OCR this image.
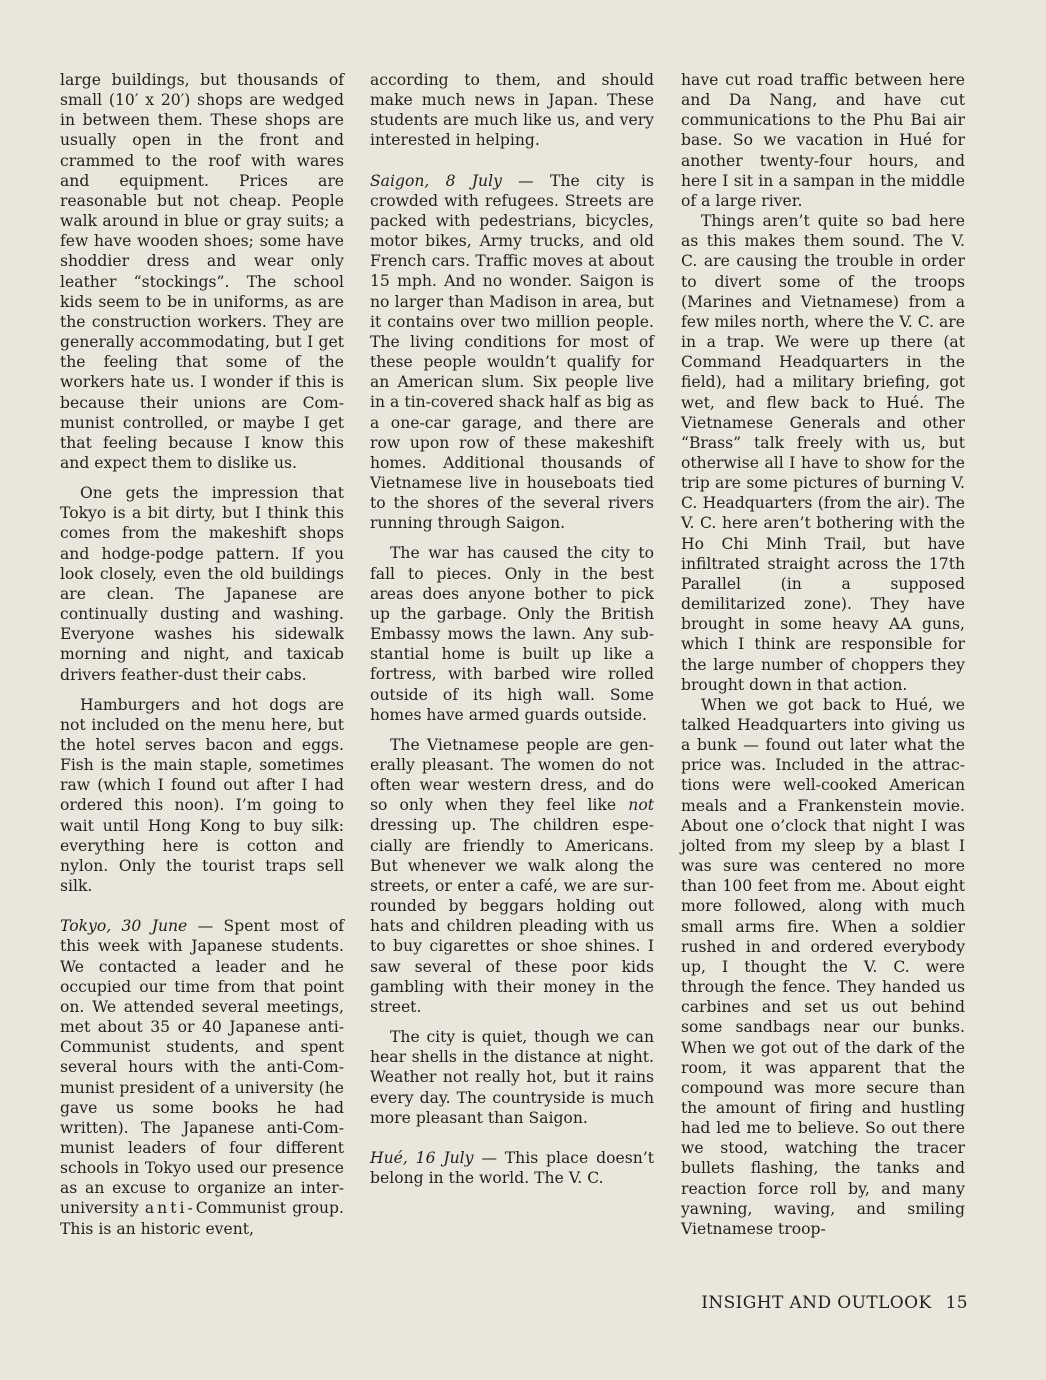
large buildings, but thousands of small (10′ x 20′) shops are wedged in between them. These shops are usually open in the front and crammed to the roof with wares and equipment. Prices are reasonable but not cheap. People walk around in blue or gray suits; a few have wooden shoes; some have shoddier dress and wear only leather “stockings”. The school kids seem to be in uniforms, as are the construction workers. They are generally accommodating, but I get the feeling that some of the workers hate us. I wonder if this is because their unions are Communist controlled, or maybe I get that feeling because I know this and expect them to dislike us.

One gets the impression that Tokyo is a bit dirty, but I think this comes from the makeshift shops and hodge-podge pattern. If you look closely, even the old buildings are clean. The Japanese are continually dusting and washing. Everyone washes his sidewalk morning and night, and taxicab drivers feather-dust their cabs.

Hamburgers and hot dogs are not included on the menu here, but the hotel serves bacon and eggs. Fish is the main staple, sometimes raw (which I found out after I had ordered this noon). I’m going to wait until Hong Kong to buy silk: everything here is cotton and nylon. Only the tourist traps sell silk.

Tokyo, 30 June — Spent most of this week with Japanese students. We contacted a leader and he occupied our time from that point on. We attended several meetings, met about 35 or 40 Japanese anti-Communist students, and spent several hours with the anti-Communist president of a university (he gave us some books he had written). The Japanese anti-Communist leaders of four different schools in Tokyo used our presence as an excuse to organize an inter-university anti-Communist group. This is an historic event,

according to them, and should make much news in Japan. These students are much like us, and very interested in helping.

Saigon, 8 July — The city is crowded with refugees. Streets are packed with pedestrians, bicycles, motor bikes, Army trucks, and old French cars. Traffic moves at about 15 mph. And no wonder. Saigon is no larger than Madison in area, but it contains over two million people. The living conditions for most of these people wouldn’t qualify for an American slum. Six people live in a tin-covered shack half as big as a one-car garage, and there are row upon row of these makeshift homes. Additional thousands of Vietnamese live in houseboats tied to the shores of the several rivers running through Saigon.

The war has caused the city to fall to pieces. Only in the best areas does anyone bother to pick up the garbage. Only the British Embassy mows the lawn. Any substantial home is built up like a fortress, with barbed wire rolled outside of its high wall. Some homes have armed guards outside.

The Vietnamese people are generally pleasant. The women do not often wear western dress, and do so only when they feel like not dressing up. The children especially are friendly to Americans. But whenever we walk along the streets, or enter a café, we are surrounded by beggars holding out hats and children pleading with us to buy cigarettes or shoe shines. I saw several of these poor kids gambling with their money in the street.

The city is quiet, though we can hear shells in the distance at night. Weather not really hot, but it rains every day. The countryside is much more pleasant than Saigon.

Hué, 16 July — This place doesn’t belong in the world. The V. C.

have cut road traffic between here and Da Nang, and have cut communications to the Phu Bai air base. So we vacation in Hué for another twenty-four hours, and here I sit in a sampan in the middle of a large river.

Things aren’t quite so bad here as this makes them sound. The V. C. are causing the trouble in order to divert some of the troops (Marines and Vietnamese) from a few miles north, where the V. C. are in a trap. We were up there (at Command Headquarters in the field), had a military briefing, got wet, and flew back to Hué. The Vietnamese Generals and other “Brass” talk freely with us, but otherwise all I have to show for the trip are some pictures of burning V. C. Headquarters (from the air). The V. C. here aren’t bothering with the Ho Chi Minh Trail, but have infiltrated straight across the 17th Parallel (in a supposed demilitarized zone). They have brought in some heavy AA guns, which I think are responsible for the large number of choppers they brought down in that action.

When we got back to Hué, we talked Headquarters into giving us a bunk — found out later what the price was. Included in the attractions were well-cooked American meals and a Frankenstein movie. About one o’clock that night I was jolted from my sleep by a blast I was sure was centered no more than 100 feet from me. About eight more followed, along with much small arms fire. When a soldier rushed in and ordered everybody up, I thought the V. C. were through the fence. They handed us carbines and set us out behind some sandbags near our bunks. When we got out of the dark of the room, it was apparent that the compound was more secure than the amount of firing and hustling had led me to believe. So out there we stood, watching the tracer bullets flashing, the tanks and reaction force roll by, and many yawning, waving, and smiling Vietnamese troop-

INSIGHT AND OUTLOOK 15
